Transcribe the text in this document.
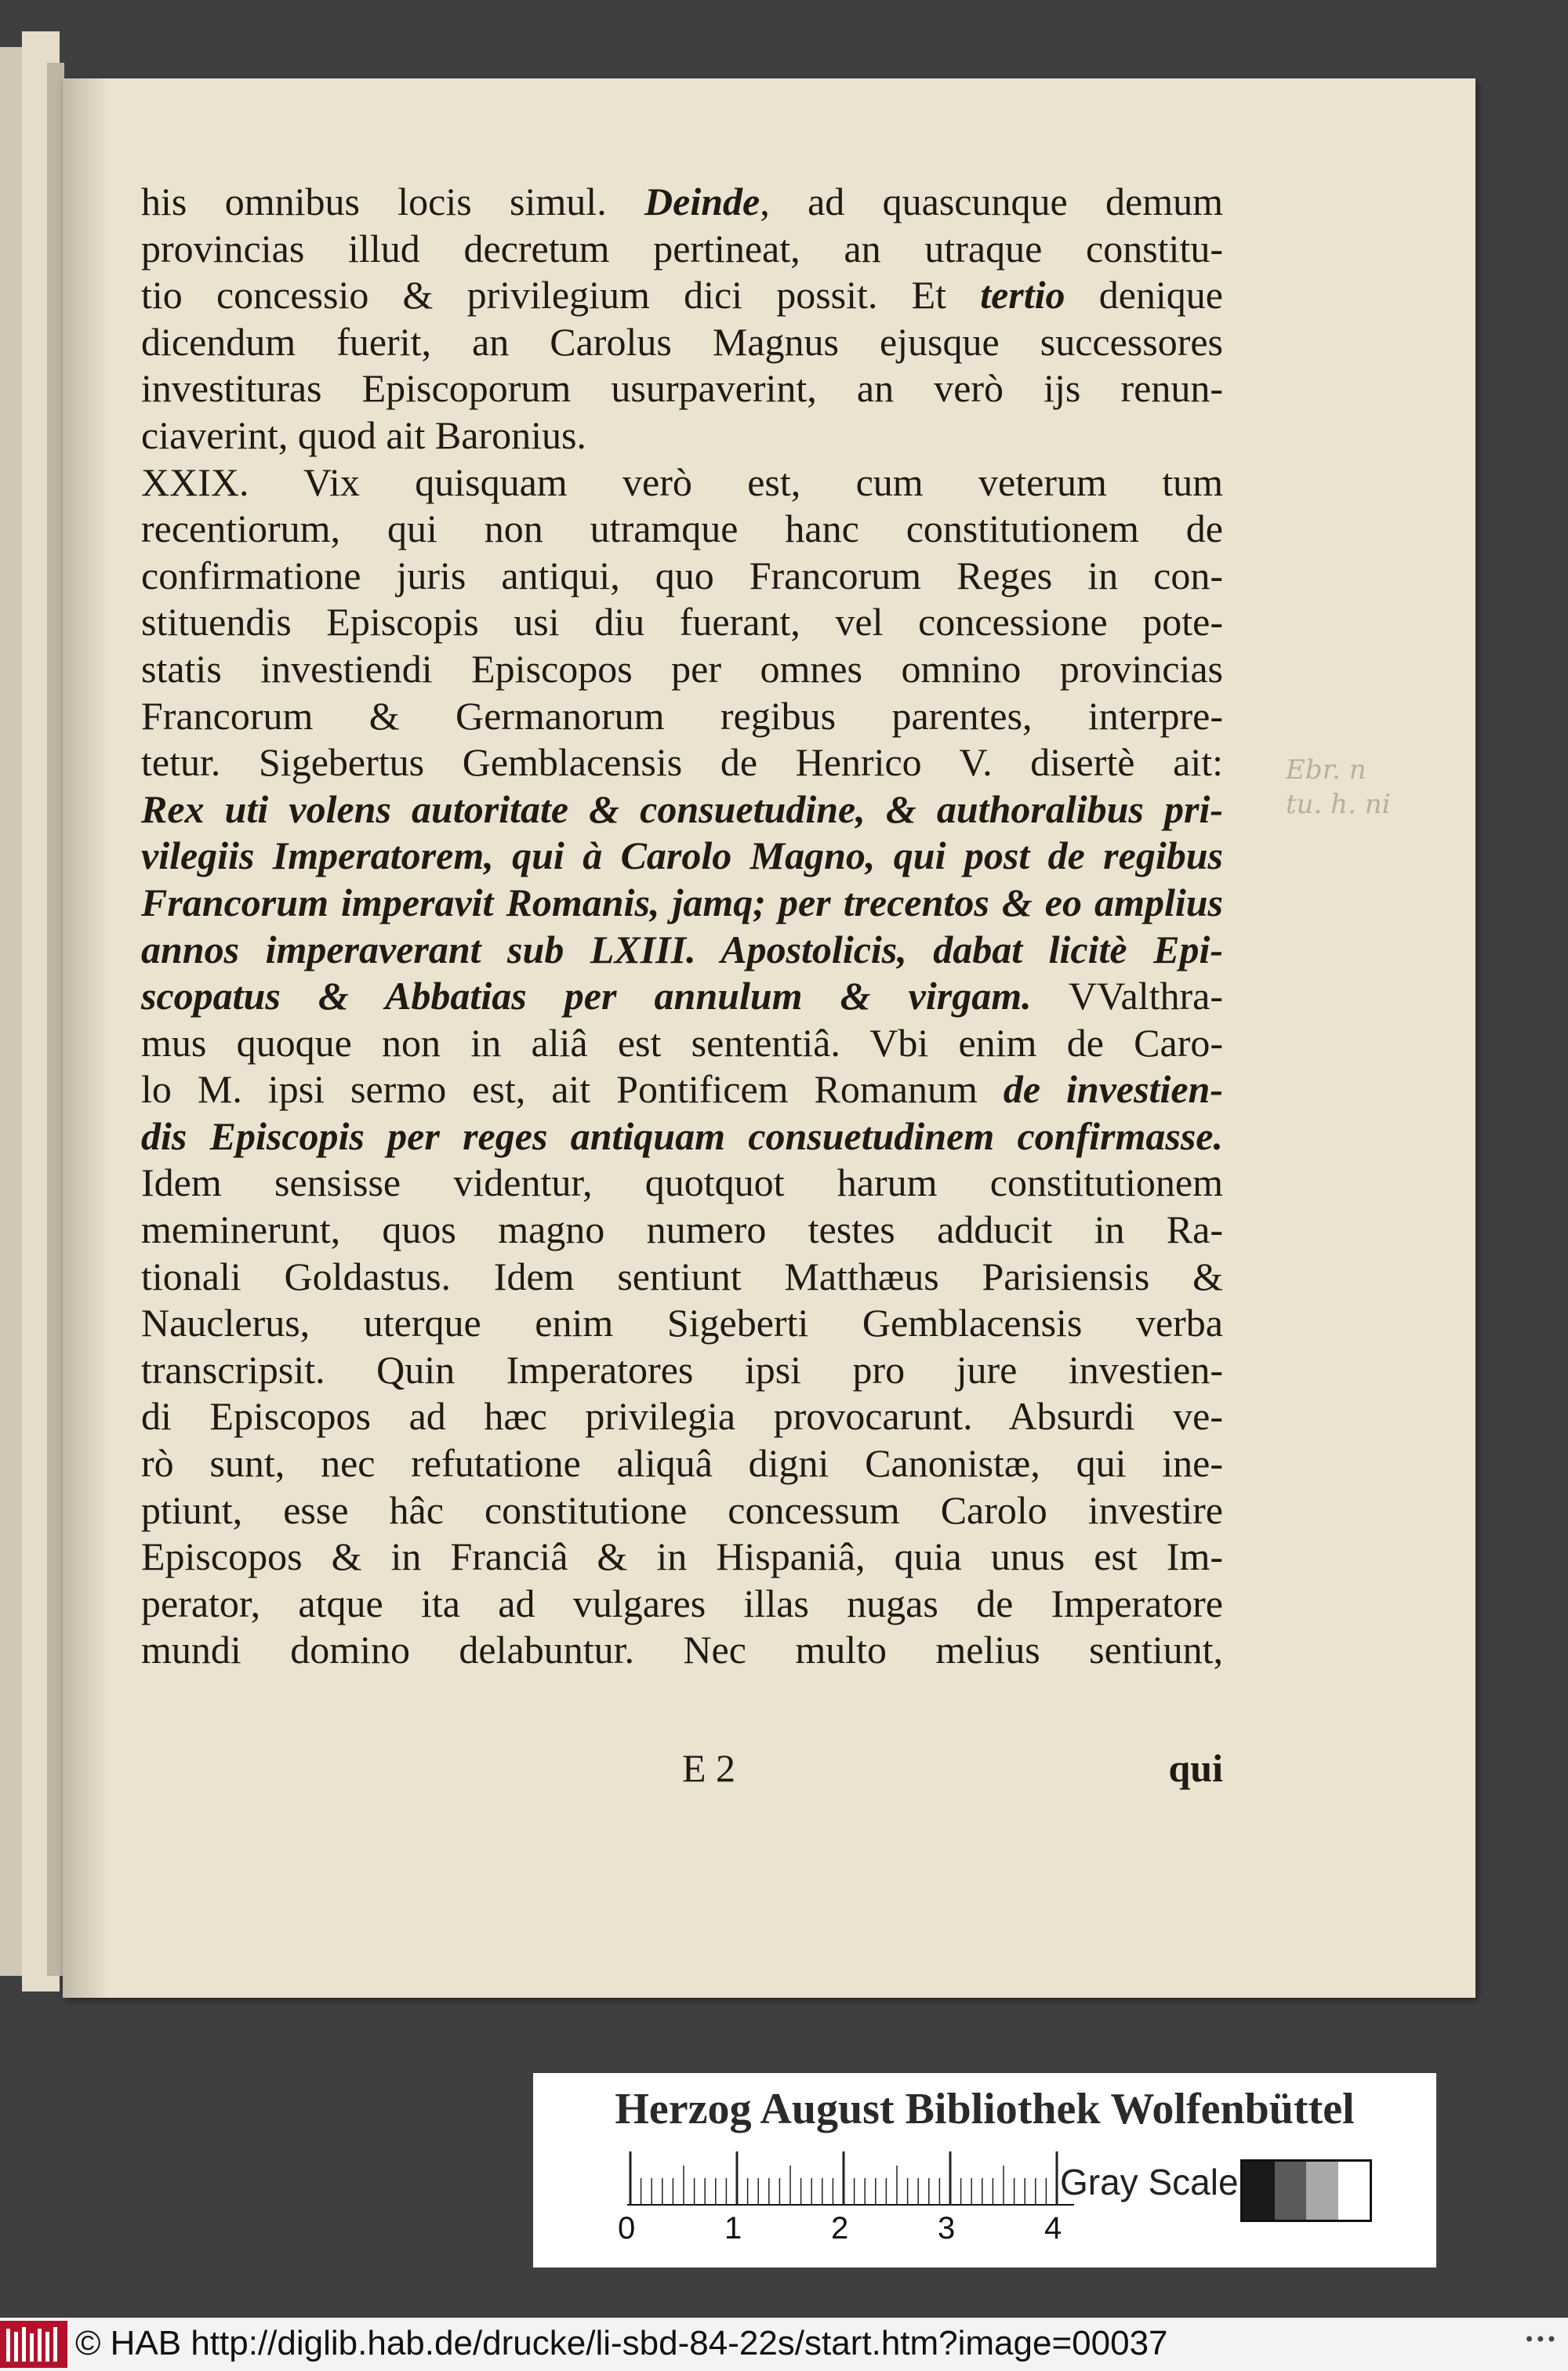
Ebr. n
tu. h. ni
his omnibus locis simul. Deinde, ad quascunque demum
provincias illud decretum pertineat, an utraque constitu-
tio concessio & privilegium dici possit. Et tertio denique
dicendum fuerit, an Carolus Magnus ejusque successores
investituras Episcoporum usurpaverint, an verò ijs renun-
ciaverint, quod ait Baronius.
XXIX. Vix quisquam verò est, cum veterum tum
recentiorum, qui non utramque hanc constitutionem de
confirmatione juris antiqui, quo Francorum Reges in con-
stituendis Episcopis usi diu fuerant, vel concessione pote-
statis investiendi Episcopos per omnes omnino provincias
Francorum & Germanorum regibus parentes, interpre-
tetur. Sigebertus Gemblacensis de Henrico V. disertè ait:
Rex uti volens autoritate & consuetudine, & authoralibus pri-
vilegiis Imperatorem, qui à Carolo Magno, qui post de regibus
Francorum imperavit Romanis, jamq; per trecentos & eo amplius
annos imperaverant sub LXIII. Apostolicis, dabat licitè Epi-
scopatus & Abbatias per annulum & virgam. VValthra-
mus quoque non in aliâ est sententiâ. Vbi enim de Caro-
lo M. ipsi sermo est, ait Pontificem Romanum de investien-
dis Episcopis per reges antiquam consuetudinem confirmasse.
Idem sensisse videntur, quotquot harum constitutionem
meminerunt, quos magno numero testes adducit in Ra-
tionali Goldastus. Idem sentiunt Matthæus Parisiensis &
Nauclerus, uterque enim Sigeberti Gemblacensis verba
transcripsit. Quin Imperatores ipsi pro jure investien-
di Episcopos ad hæc privilegia provocarunt. Absurdi ve-
rò sunt, nec refutatione aliquâ digni Canonistæ, qui ine-
ptiunt, esse hâc constitutione concessum Carolo investire
Episcopos & in Franciâ & in Hispaniâ, quia unus est Im-
perator, atque ita ad vulgares illas nugas de Imperatore
mundi domino delabuntur. Nec multo melius sentiunt,
E 2	qui
Herzog August Bibliothek Wolfenbüttel
0	1	2	3	4
Gray Scale
© HAB http://diglib.hab.de/drucke/li-sbd-84-22s/start.htm?image=00037	•••
